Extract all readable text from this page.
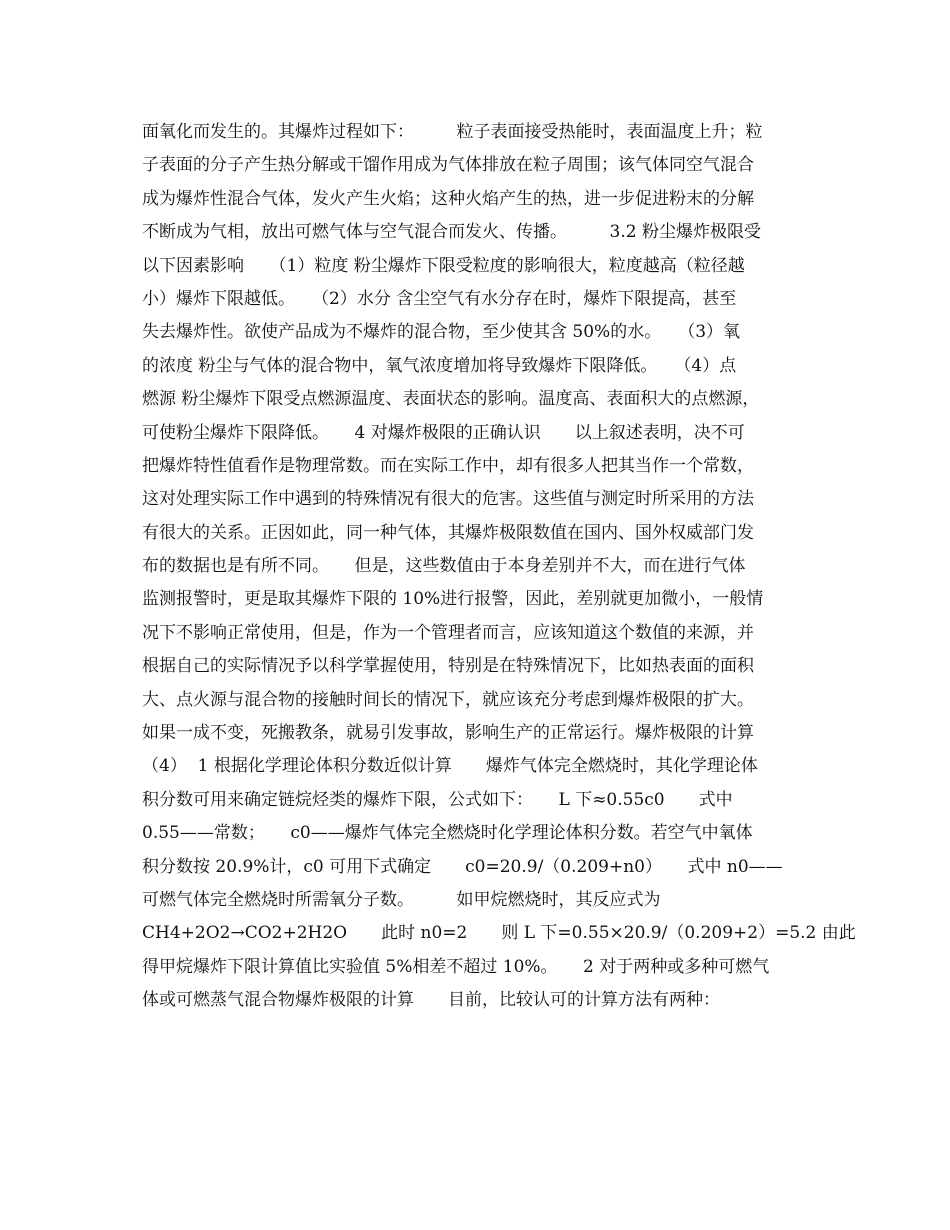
面氧化而发生的。其爆炸过程如下：　　　粒子表面接受热能时，表面温度上升；粒

子表面的分子产生热分解或干馏作用成为气体排放在粒子周围；该气体同空气混合

成为爆炸性混合气体，发火产生火焰；这种火焰产生的热，进一步促进粉末的分解

不断成为气相，放出可燃气体与空气混合而发火、传播。　　　3.2 粉尘爆炸极限受

以下因素影响　　（1）粒度 粉尘爆炸下限受粒度的影响很大，粒度越高（粒径越

小）爆炸下限越低。　　（2）水分 含尘空气有水分存在时，爆炸下限提高，甚至

失去爆炸性。欲使产品成为不爆炸的混合物，至少使其含 50%的水。　　（3）氧

的浓度 粉尘与气体的混合物中，氧气浓度增加将导致爆炸下限降低。　　（4）点

燃源 粉尘爆炸下限受点燃源温度、表面状态的影响。温度高、表面积大的点燃源，

可使粉尘爆炸下限降低。　　4 对爆炸极限的正确认识　　以上叙述表明，决不可

把爆炸特性值看作是物理常数。而在实际工作中，却有很多人把其当作一个常数，

这对处理实际工作中遇到的特殊情况有很大的危害。这些值与测定时所采用的方法

有很大的关系。正因如此，同一种气体，其爆炸极限数值在国内、国外权威部门发

布的数据也是有所不同。　　但是，这些数值由于本身差别并不大，而在进行气体

监测报警时，更是取其爆炸下限的 10%进行报警，因此，差别就更加微小，一般情

况下不影响正常使用，但是，作为一个管理者而言，应该知道这个数值的来源，并

根据自己的实际情况予以科学掌握使用，特别是在特殊情况下，比如热表面的面积

大、点火源与混合物的接触时间长的情况下，就应该充分考虑到爆炸极限的扩大。

如果一成不变，死搬教条，就易引发事故，影响生产的正常运行。爆炸极限的计算

（4）  1 根据化学理论体积分数近似计算　　爆炸气体完全燃烧时，其化学理论体

积分数可用来确定链烷烃类的爆炸下限，公式如下：　　L 下≈0.55c0　　式中

0.55——常数；　　c0——爆炸气体完全燃烧时化学理论体积分数。若空气中氧体

积分数按 20.9%计，c0 可用下式确定　　c0=20.9/（0.209+n0）　　式中 n0——

可燃气体完全燃烧时所需氧分子数。　　　如甲烷燃烧时，其反应式为

CH4+2O2→CO2+2H2O　　此时 n0=2　　则 L 下=0.55×20.9/（0.209+2）=5.2 由此

得甲烷爆炸下限计算值比实验值 5%相差不超过 10%。　　2 对于两种或多种可燃气

体或可燃蒸气混合物爆炸极限的计算　　目前，比较认可的计算方法有两种：
